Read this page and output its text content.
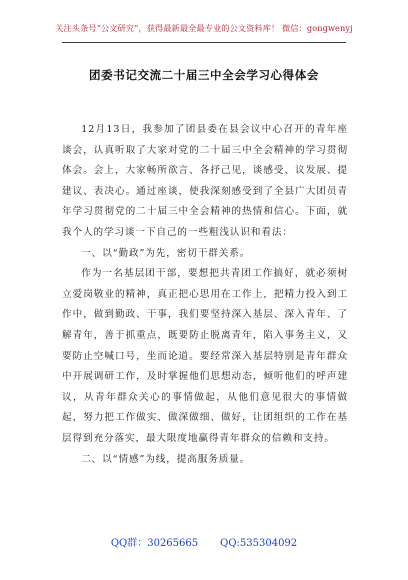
关注头条号“公文研究”，获得最新最全最专业的公文资料库！ 微信：gongwenyj
团委书记交流二十届三中全会学习心得体会

12月13日，我参加了团县委在县会议中心召开的青年座谈会，认真听取了大家对党的二十届三中全会精神的学习贯彻体会。会上，大家畅所欲言、各抒己见，谈感受、议发展、提建议、表决心。通过座谈，使我深刻感受到了全县广大团员青年学习贯彻党的二十届三中全会精神的热情和信心。下面，就我个人的学习谈一下自己的一些粗浅认识和看法：

一、以“勤政”为先，密切干群关系。

作为一名基层团干部，要想把共青团工作搞好，就必须树立爱岗敬业的精神，真正把心思用在工作上，把精力投入到工作中，做到勤政、干事，我们要坚持深入基层、深入青年、了解青年，善于抓重点，既要防止脱离青年，陷入事务主义，又要防止空喊口号，坐而论道。要经常深入基层特别是青年群众中开展调研工作，及时掌握他们思想动态，倾听他们的呼声建议，从青年群众关心的事情做起，从他们意见很大的事情做起，努力把工作做实、做深做细、做好，让团组织的工作在基层得到充分落实，最大限度地赢得青年群众的信赖和支持。

二、以“情感”为线，提高服务质量。

QQ群：30265665 QQ:535304092
